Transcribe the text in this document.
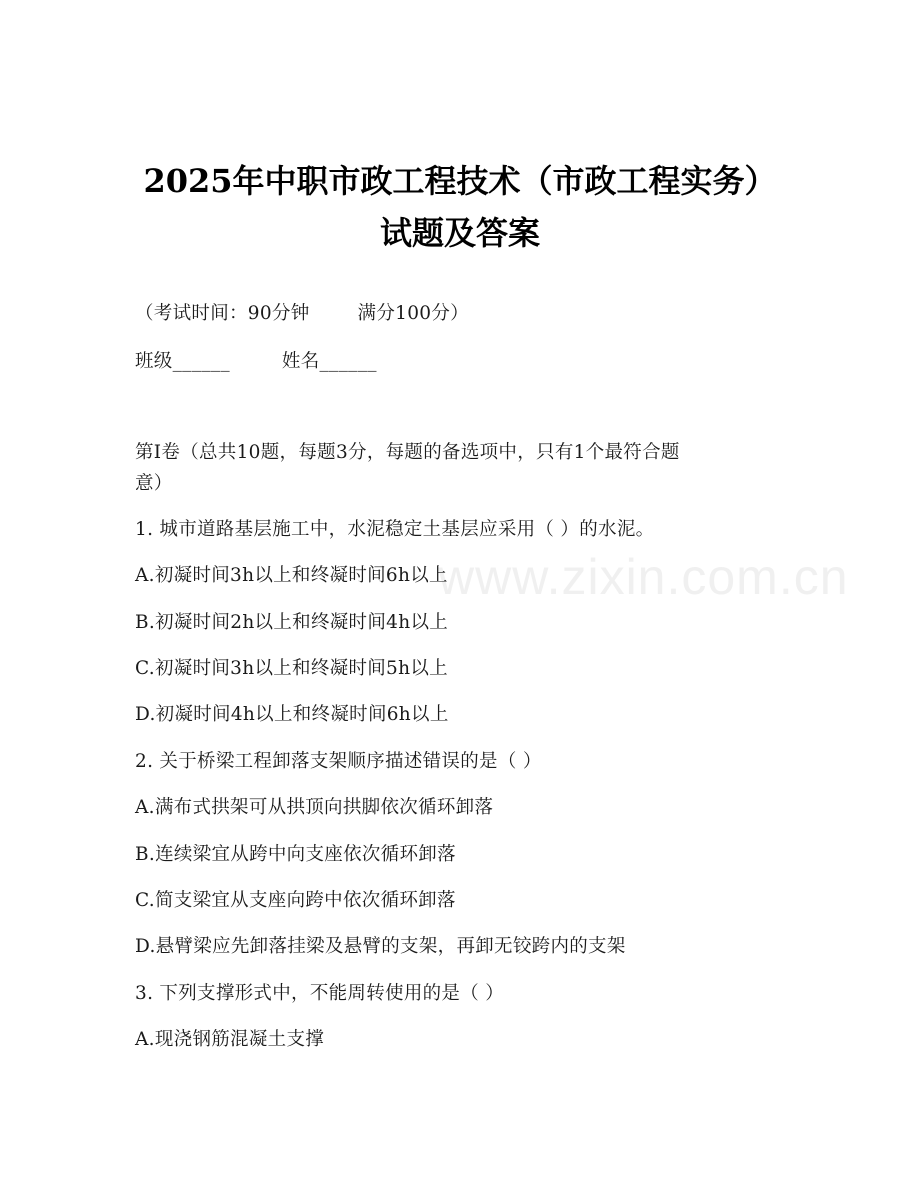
www.zixin.com.cn
2025年中职市政工程技术（市政工程实务）
试题及答案
（考试时间：90分钟	满分100分）
班级______	姓名______
第I卷（总共10题，每题3分，每题的备选项中，只有1个最符合题
意）
1. 城市道路基层施工中，水泥稳定土基层应采用（ ）的水泥。
A.初凝时间3h以上和终凝时间6h以上
B.初凝时间2h以上和终凝时间4h以上
C.初凝时间3h以上和终凝时间5h以上
D.初凝时间4h以上和终凝时间6h以上
2. 关于桥梁工程卸落支架顺序描述错误的是（ ）
A.满布式拱架可从拱顶向拱脚依次循环卸落
B.连续梁宜从跨中向支座依次循环卸落
C.简支梁宜从支座向跨中依次循环卸落
D.悬臂梁应先卸落挂梁及悬臂的支架，再卸无铰跨内的支架
3. 下列支撑形式中，不能周转使用的是（ ）
A.现浇钢筋混凝土支撑
